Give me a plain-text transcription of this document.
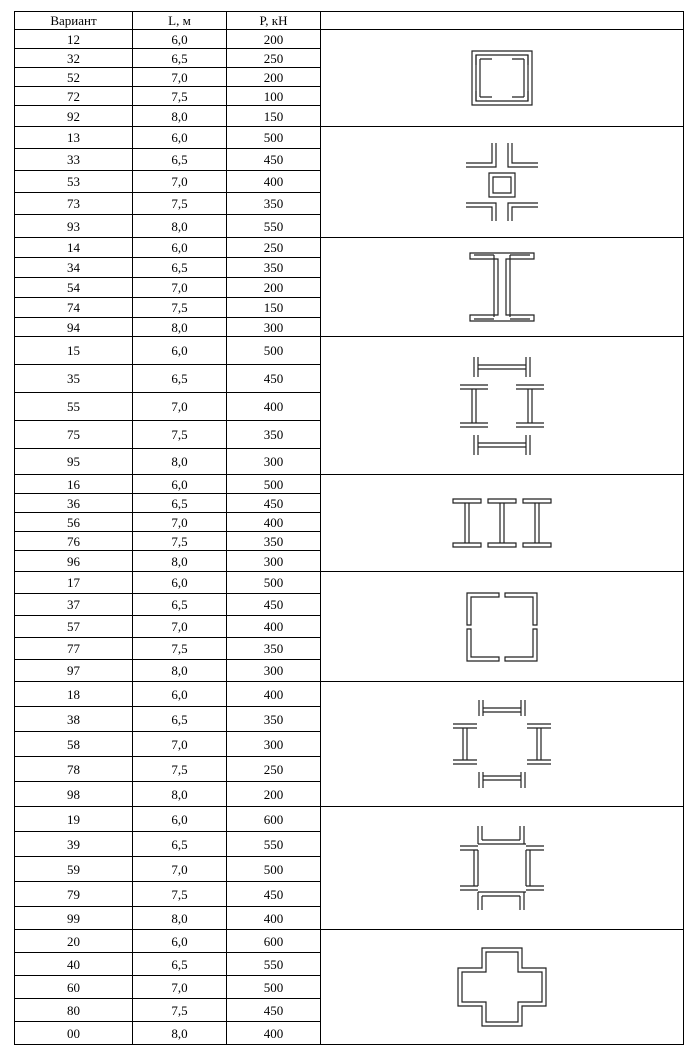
Вариант	L, м	P, кН	
12	6,0	200	

32	6,5	250	
52	7,0	200	
72	7,5	100	
92	8,0	150	
13	6,0	500	

33	6,5	450	
53	7,0	400	
73	7,5	350	
93	8,0	550	
14	6,0	250	

34	6,5	350	
54	7,0	200	
74	7,5	150	
94	8,0	300	
15	6,0	500	

35	6,5	450	
55	7,0	400	
75	7,5	350	
95	8,0	300	
16	6,0	500	

36	6,5	450	
56	7,0	400	
76	7,5	350	
96	8,0	300	
17	6,0	500	

37	6,5	450	
57	7,0	400	
77	7,5	350	
97	8,0	300	
18	6,0	400	

38	6,5	350	
58	7,0	300	
78	7,5	250	
98	8,0	200	
19	6,0	600	

39	6,5	550	
59	7,0	500	
79	7,5	450	
99	8,0	400	
20	6,0	600	

40	6,5	550	
60	7,0	500	
80	7,5	450	
00	8,0	400	
